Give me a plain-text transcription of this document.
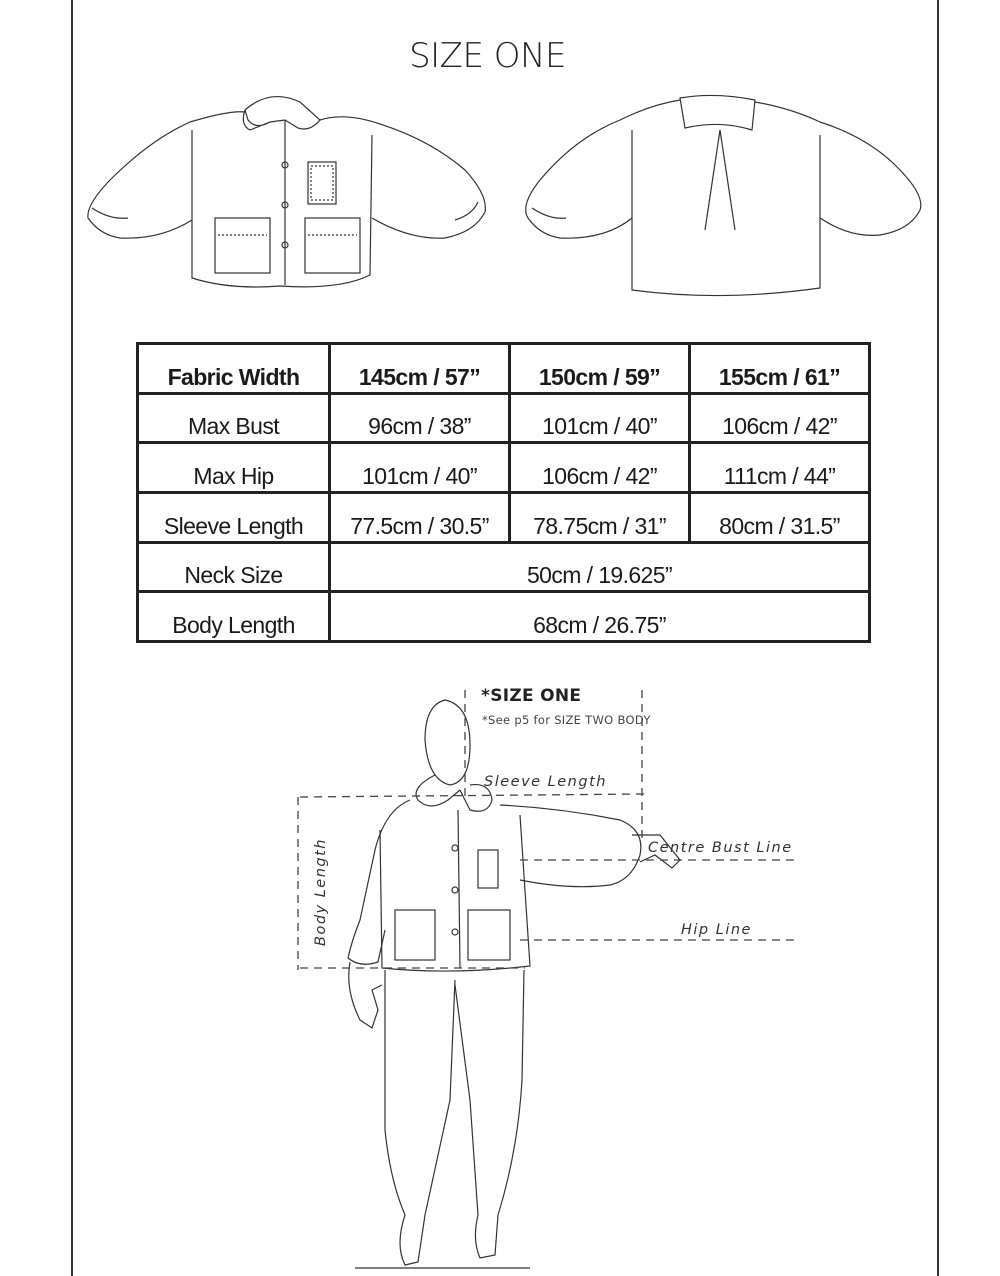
SIZE ONE
Fabric Width	145cm / 57”	150cm / 59”	155cm / 61”
Max Bust	96cm / 38”	101cm / 40”	106cm / 42”
Max Hip	101cm / 40”	106cm / 42”	111cm / 44”
Sleeve Length	77.5cm / 30.5”	78.75cm / 31”	80cm / 31.5”
Neck Size	50cm / 19.625”		
Body Length	68cm / 26.75”		
*SIZE ONE
*See p5 for SIZE TWO BODY
Sleeve Length
Centre Bust Line
Hip Line
Body Length
